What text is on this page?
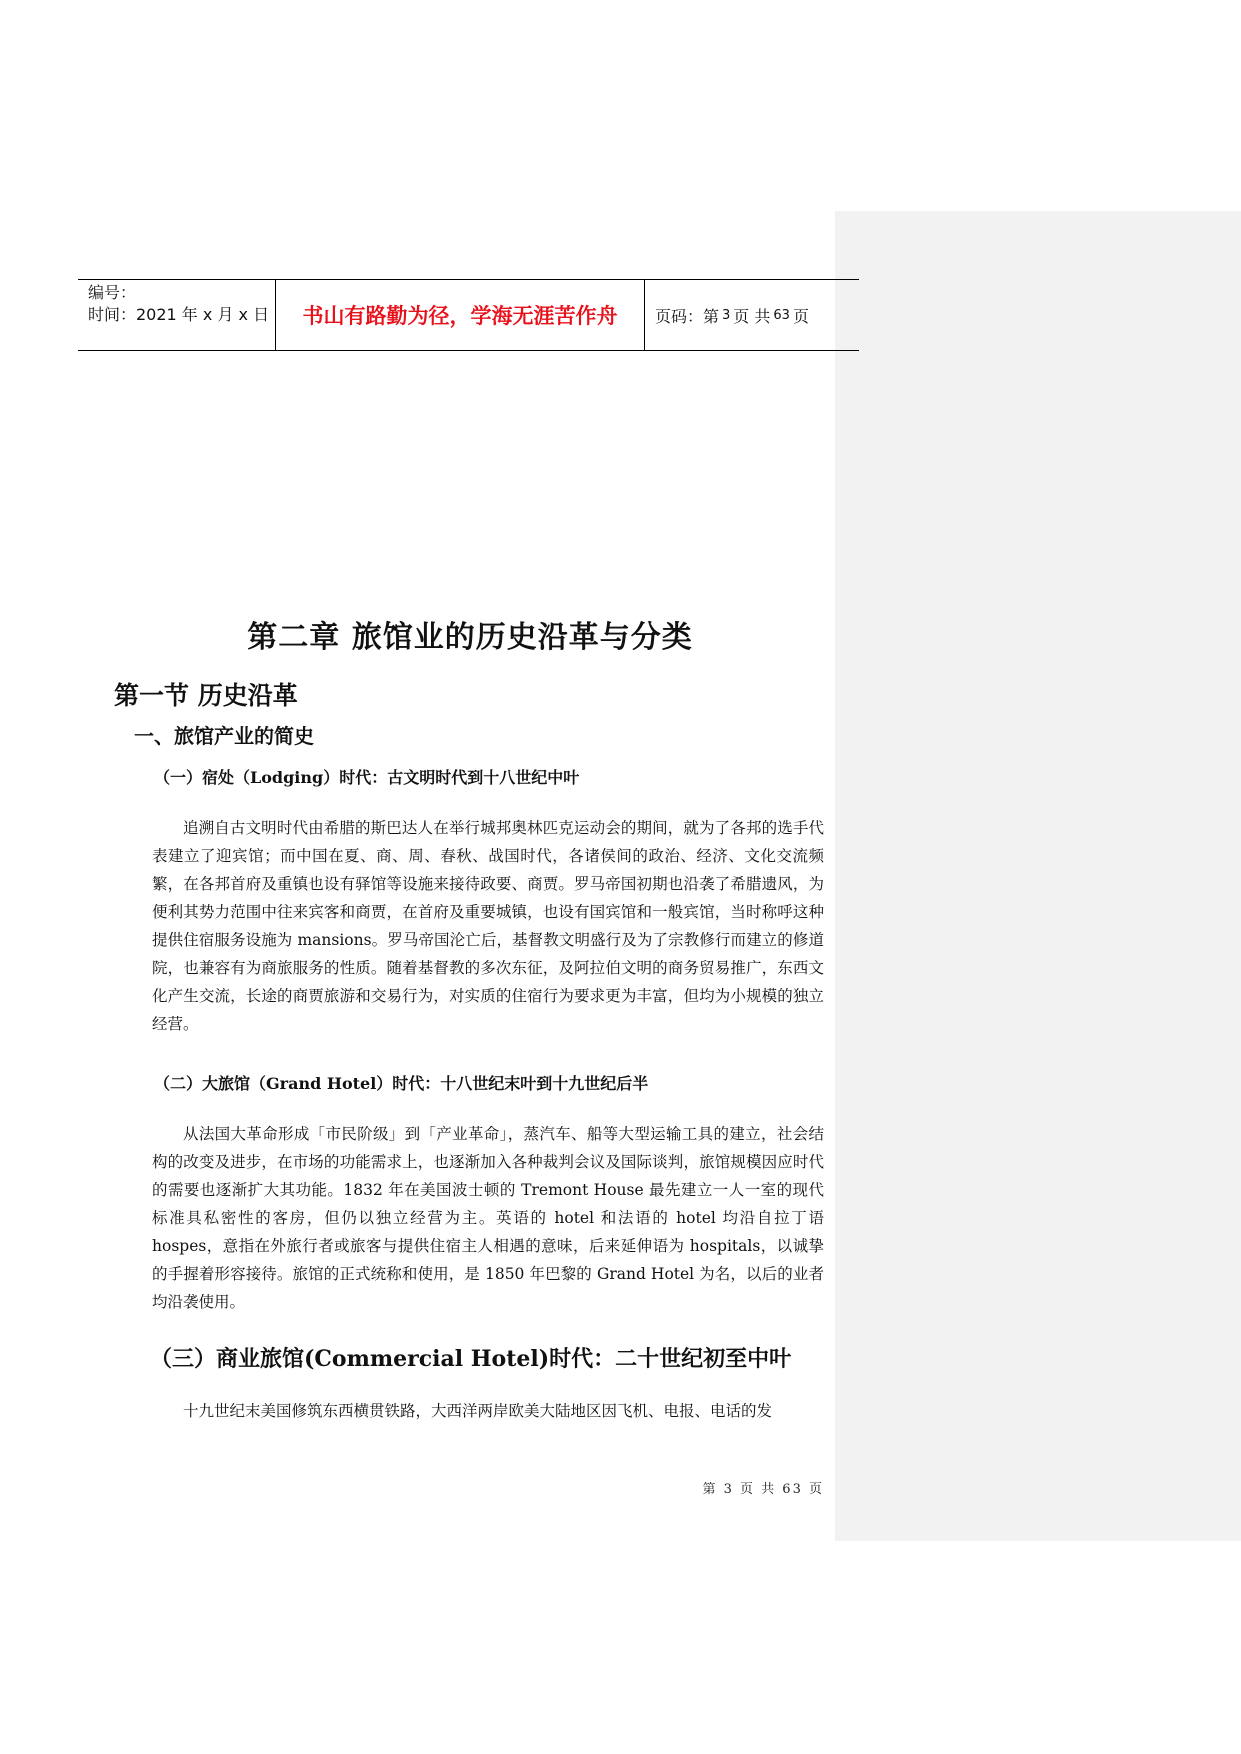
编号：
时间：2021 年 x 月 x 日	书山有路勤为径，学海无涯苦作舟	页码：第 3 页 共 63 页
第二章 旅馆业的历史沿革与分类
第一节 历史沿革
一、旅馆产业的简史
（一）宿处（Lodging）时代：古文明时代到十八世纪中叶
追溯自古文明时代由希腊的斯巴达人在举行城邦奥林匹克运动会的期间，就为了各邦的选手代表建立了迎宾馆；而中国在夏、商、周、春秋、战国时代，各诸侯间的政治、经济、文化交流频繁，在各邦首府及重镇也设有驿馆等设施来接待政要、商贾。罗马帝国初期也沿袭了希腊遗风，为便利其势力范围中往来宾客和商贾，在首府及重要城镇，也设有国宾馆和一般宾馆，当时称呼这种提供住宿服务设施为 mansions。罗马帝国沦亡后，基督教文明盛行及为了宗教修行而建立的修道院，也兼容有为商旅服务的性质。随着基督教的多次东征，及阿拉伯文明的商务贸易推广，东西文化产生交流，长途的商贾旅游和交易行为，对实质的住宿行为要求更为丰富，但均为小规模的独立经营。
（二）大旅馆（Grand Hotel）时代：十八世纪末叶到十九世纪后半
从法国大革命形成「市民阶级」到「产业革命」，蒸汽车、船等大型运输工具的建立，社会结构的改变及进步，在市场的功能需求上，也逐渐加入各种裁判会议及国际谈判，旅馆规模因应时代的需要也逐渐扩大其功能。1832 年在美国波士顿的 Tremont House 最先建立一人一室的现代标准具私密性的客房，但仍以独立经营为主。英语的 hotel 和法语的 hotel 均沿自拉丁语 hospes，意指在外旅行者或旅客与提供住宿主人相遇的意味，后来延伸语为 hospitals，以诚挚的手握着形容接待。旅馆的正式统称和使用，是 1850 年巴黎的 Grand Hotel 为名，以后的业者均沿袭使用。
（三）商业旅馆(Commercial Hotel)时代：二十世纪初至中叶
十九世纪末美国修筑东西横贯铁路，大西洋两岸欧美大陆地区因飞机、电报、电话的发
第 3 页 共 63 页
